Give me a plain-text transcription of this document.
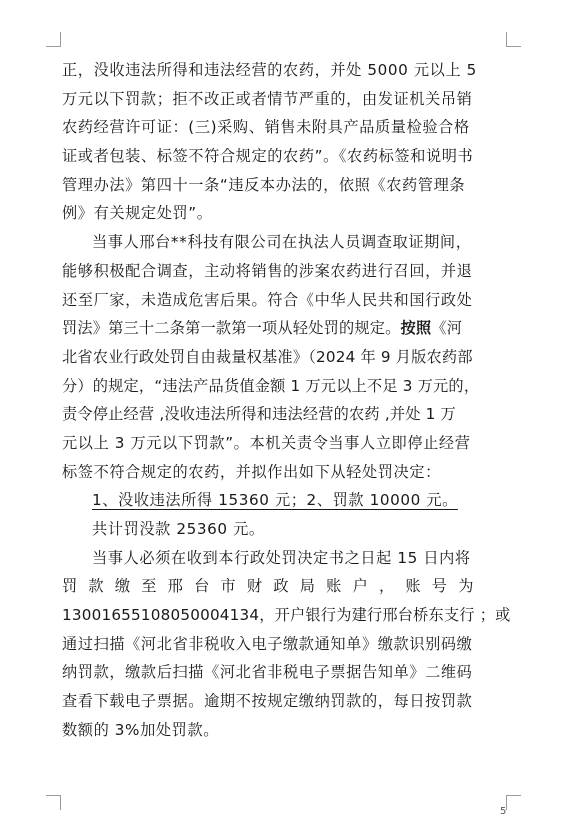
正，没收违法所得和违法经营的农药，并处 5000 元以上 5
万元以下罚款；拒不改正或者情节严重的，由发证机关吊销
农药经营许可证：(三)采购、销售未附具产品质量检验合格
证或者包装、标签不符合规定的农药”。《农药标签和说明书
管理办法》第四十一条“违反本办法的，依照《农药管理条
例》有关规定处罚”。
当事人邢台**科技有限公司在执法人员调查取证期间，
能够积极配合调查，主动将销售的涉案农药进行召回，并退
还至厂家，未造成危害后果。符合《中华人民共和国行政处
罚法》第三十二条第一款第一项从轻处罚的规定。按照《河
北省农业行政处罚自由裁量权基准》（2024 年 9 月版农药部
分）的规定，“违法产品货值金额 1 万元以上不足 3 万元的，
责令停止经营 ,没收违法所得和违法经营的农药 ,并处 1 万
元以上 3 万元以下罚款”。本机关责令当事人立即停止经营
标签不符合规定的农药，并拟作出如下从轻处罚决定：
1、没收违法所得 15360 元；2、罚款 10000 元。
共计罚没款 25360 元。
当事人必须在收到本行政处罚决定书之日起 15 日内将
罚 款 缴 至 邢 台 市 财 政 局 账 户 ， 账 号 为
13001655108050004134，开户银行为建行邢台桥东支行 ；或
通过扫描《河北省非税收入电子缴款通知单》缴款识别码缴
纳罚款，缴款后扫描《河北省非税电子票据告知单》二维码
查看下载电子票据。逾期不按规定缴纳罚款的，每日按罚款
数额的 3%加处罚款。
5
